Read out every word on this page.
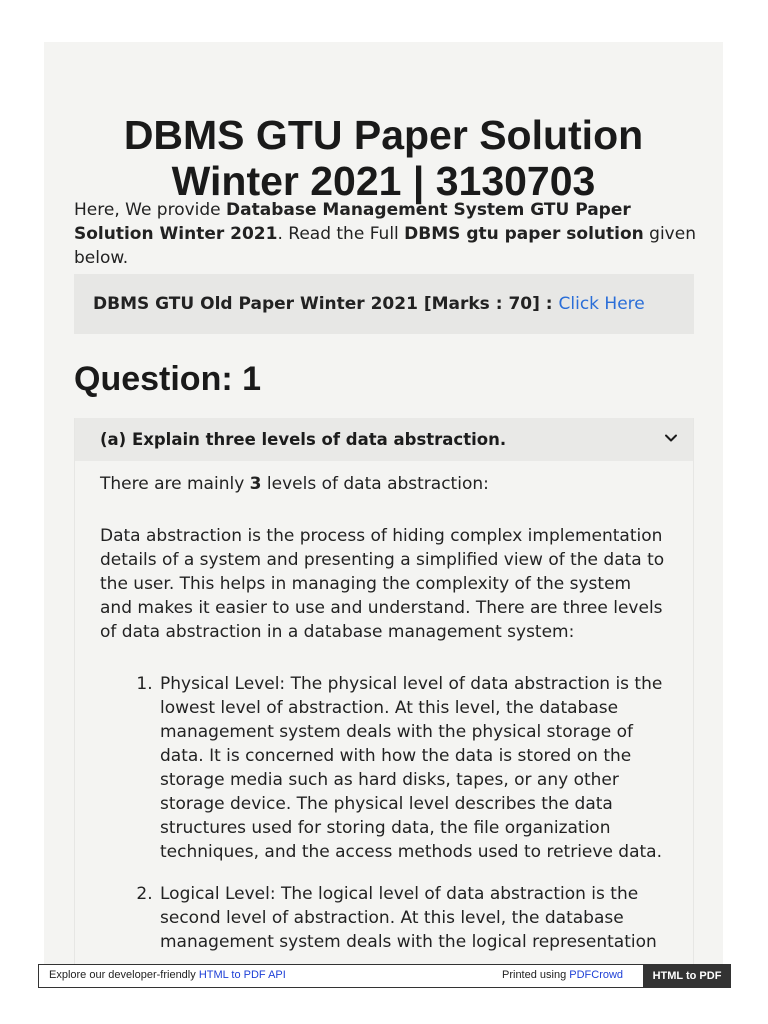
DBMS GTU Paper Solution
Winter 2021 | 3130703
Here, We provide Database Management System GTU Paper Solution Winter 2021. Read the Full DBMS gtu paper solution given below.
DBMS GTU Old Paper Winter 2021 [Marks : 70] : Click Here
Question: 1
(a) Explain three levels of data abstraction.

There are mainly 3 levels of data abstraction:

Data abstraction is the process of hiding complex implementation details of a system and presenting a simplified view of the data to the user. This helps in managing the complexity of the system and makes it easier to use and understand. There are three levels of data abstraction in a database management system:

1. Physical Level: The physical level of data abstraction is the lowest level of abstraction. At this level, the database management system deals with the physical storage of data. It is concerned with how the data is stored on the storage media such as hard disks, tapes, or any other storage device. The physical level describes the data structures used for storing data, the file organization techniques, and the access methods used to retrieve data.
2. Logical Level: The logical level of data abstraction is the second level of abstraction. At this level, the database management system deals with the logical representation
Explore our developer-friendly HTML to PDF API	Printed using PDFCrowd	HTML to PDF
